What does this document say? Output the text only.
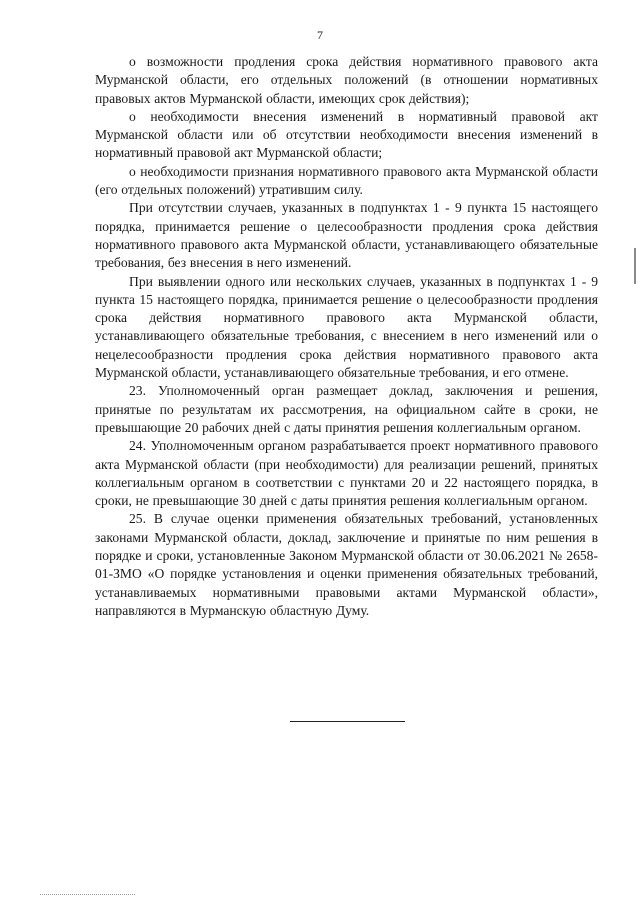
7

о возможности продления срока действия нормативного правового акта Мурманской области, его отдельных положений (в отношении нормативных правовых актов Мурманской области, имеющих срок действия);

о необходимости внесения изменений в нормативный правовой акт Мурманской области или об отсутствии необходимости внесения изменений в нормативный правовой акт Мурманской области;

о необходимости признания нормативного правового акта Мурманской области (его отдельных положений) утратившим силу.

При отсутствии случаев, указанных в подпунктах 1 - 9 пункта 15 настоящего порядка, принимается решение о целесообразности продления срока действия нормативного правового акта Мурманской области, устанавливающего обязательные требования, без внесения в него изменений.

При выявлении одного или нескольких случаев, указанных в подпунктах 1 - 9 пункта 15 настоящего порядка, принимается решение о целесообразности продления срока действия нормативного правового акта Мурманской области, устанавливающего обязательные требования, с внесением в него изменений или о нецелесообразности продления срока действия нормативного правового акта Мурманской области, устанавливающего обязательные требования, и его отмене.

23. Уполномоченный орган размещает доклад, заключения и решения, принятые по результатам их рассмотрения, на официальном сайте в сроки, не превышающие 20 рабочих дней с даты принятия решения коллегиальным органом.

24. Уполномоченным органом разрабатывается проект нормативного правового акта Мурманской области (при необходимости) для реализации решений, принятых коллегиальным органом в соответствии с пунктами 20 и 22 настоящего порядка, в сроки, не превышающие 30 дней с даты принятия решения коллегиальным органом.

25. В случае оценки применения обязательных требований, установленных законами Мурманской области, доклад, заключение и принятые по ним решения в порядке и сроки, установленные Законом Мурманской области от 30.06.2021 № 2658-01-ЗМО «О порядке установления и оценки применения обязательных требований, устанавливаемых нормативными правовыми актами Мурманской области», направляются в Мурманскую областную Думу.
